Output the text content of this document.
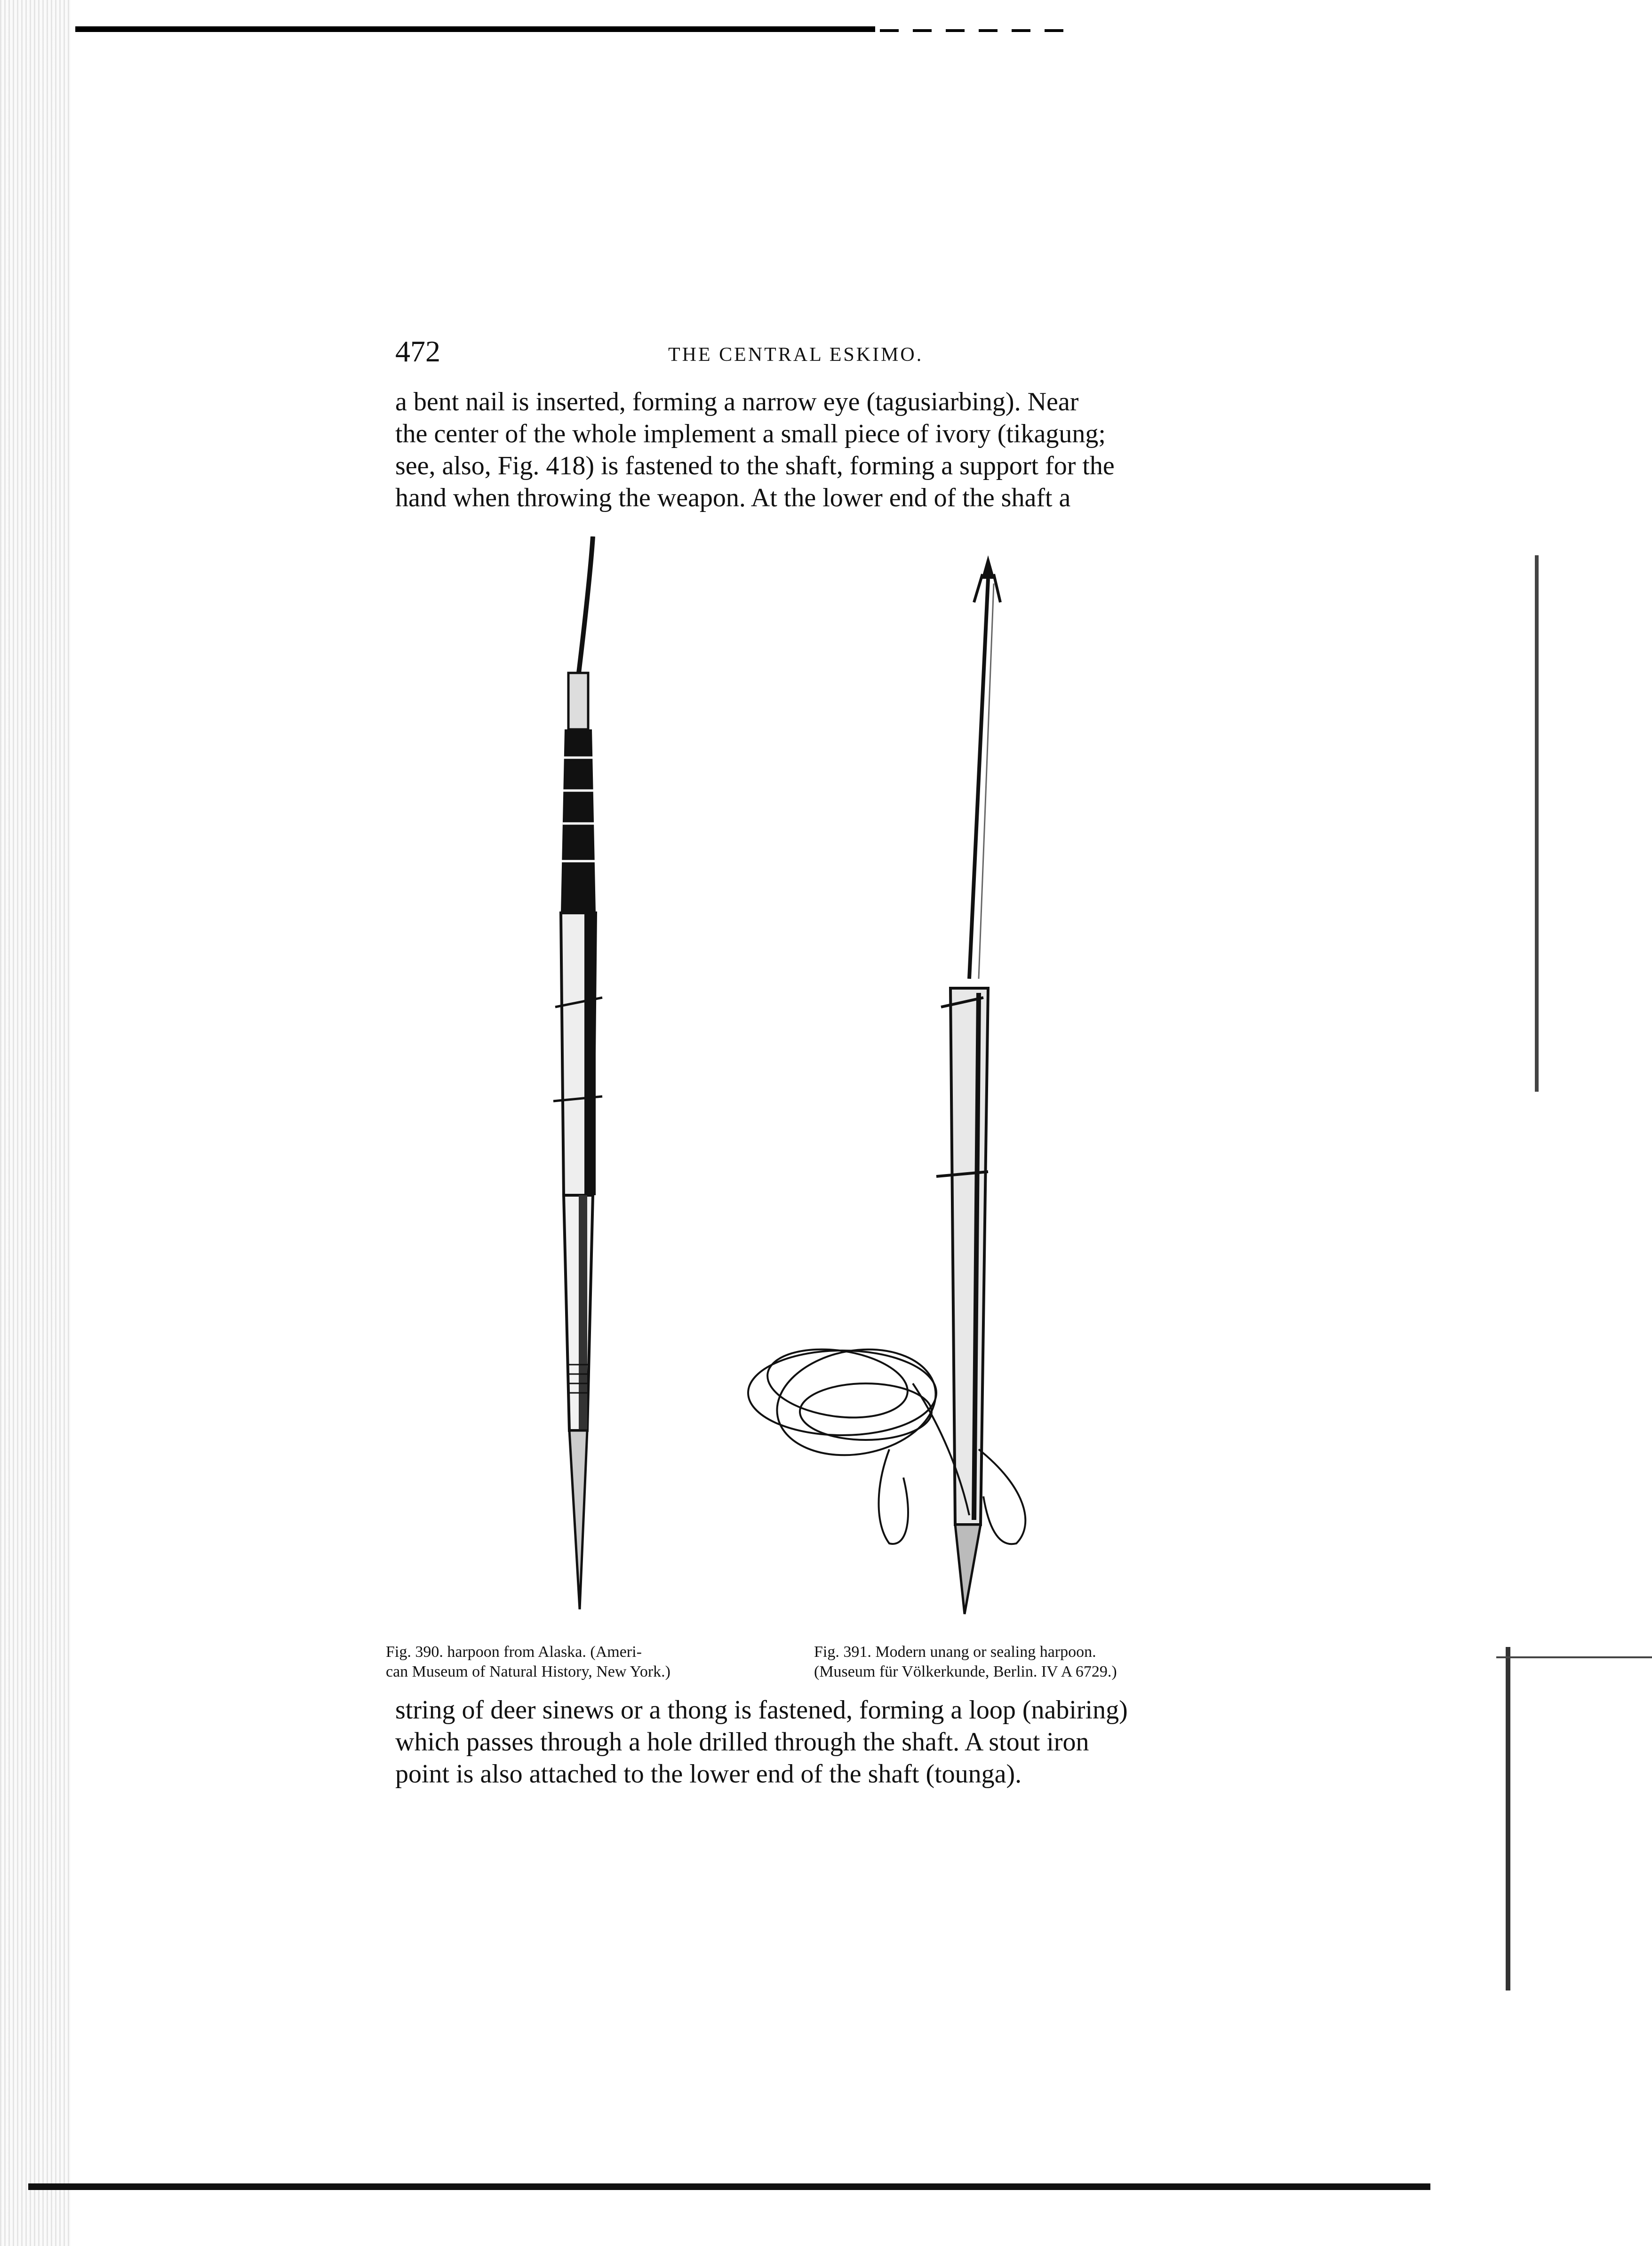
472	THE CENTRAL ESKIMO.
a bent nail is inserted, forming a narrow eye (tagusiarbing). Near
the center of the whole implement a small piece of ivory (tikagung;
see, also, Fig. 418) is fastened to the shaft, forming a support for the
hand when throwing the weapon. At the lower end of the shaft a
Fig. 390. harpoon from Alaska. (Ameri-
can Museum of Natural History, New York.)
Fig. 391. Modern unang or sealing harpoon.
(Museum für Völkerkunde, Berlin. IV A 6729.)
string of deer sinews or a thong is fastened, forming a loop (nabiring)
which passes through a hole drilled through the shaft. A stout iron
point is also attached to the lower end of the shaft (tounga).
